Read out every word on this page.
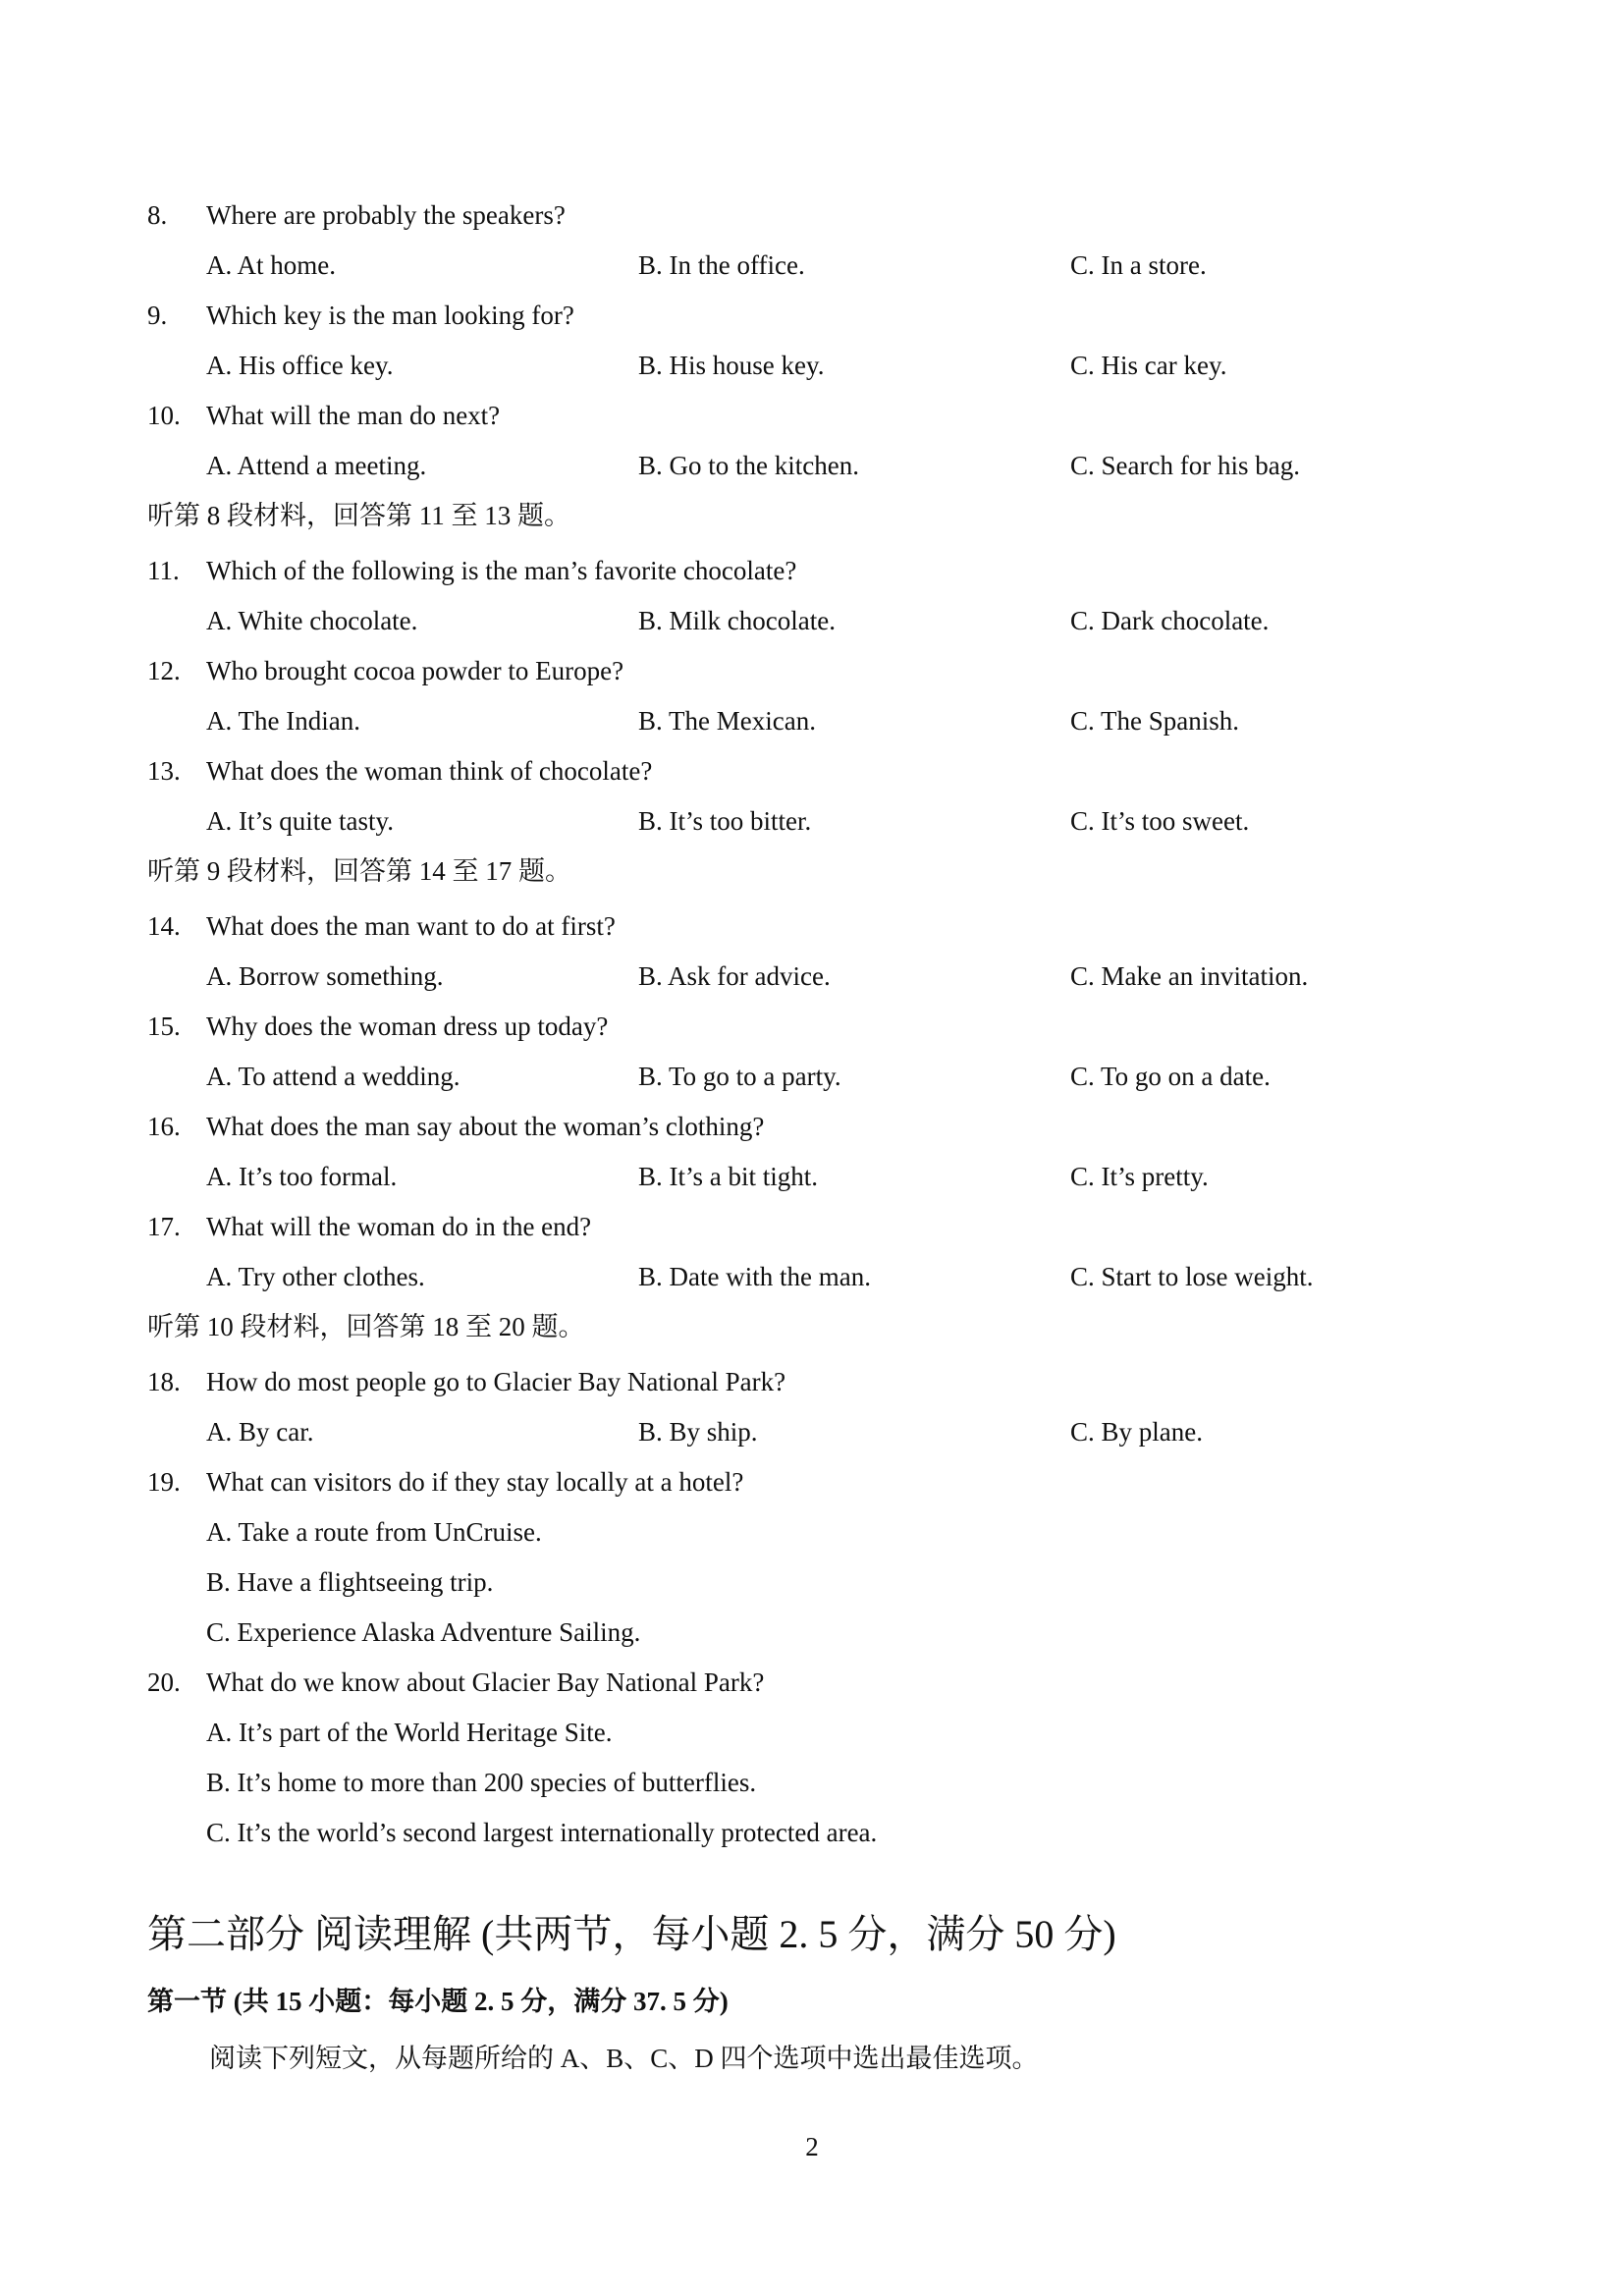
8. Where are probably the speakers?
A. At home.	B. In the office.	C. In a store.
9. Which key is the man looking for?
A. His office key.	B. His house key.	C. His car key.
10. What will the man do next?
A. Attend a meeting.	B. Go to the kitchen.	C. Search for his bag.
听第 8 段材料，回答第 11 至 13 题。
11. Which of the following is the man’s favorite chocolate?
A. White chocolate.	B. Milk chocolate.	C. Dark chocolate.
12. Who brought cocoa powder to Europe?
A. The Indian.	B. The Mexican.	C. The Spanish.
13. What does the woman think of chocolate?
A. It’s quite tasty.	B. It’s too bitter.	C. It’s too sweet.
听第 9 段材料，回答第 14 至 17 题。
14. What does the man want to do at first?
A. Borrow something.	B. Ask for advice.	C. Make an invitation.
15. Why does the woman dress up today?
A. To attend a wedding.	B. To go to a party.	C. To go on a date.
16. What does the man say about the woman’s clothing?
A. It’s too formal.	B. It’s a bit tight.	C. It’s pretty.
17. What will the woman do in the end?
A. Try other clothes.	B. Date with the man.	C. Start to lose weight.
听第 10 段材料，回答第 18 至 20 题。
18. How do most people go to Glacier Bay National Park?
A. By car.	B. By ship.	C. By plane.
19. What can visitors do if they stay locally at a hotel?
A. Take a route from UnCruise.
B. Have a flightseeing trip.
C. Experience Alaska Adventure Sailing.
20. What do we know about Glacier Bay National Park?
A. It’s part of the World Heritage Site.
B. It’s home to more than 200 species of butterflies.
C. It’s the world’s second largest internationally protected area.
第二部分 阅读理解 (共两节，每小题 2. 5 分，满分 50 分)
第一节 (共 15 小题：每小题 2. 5 分，满分 37. 5 分)
阅读下列短文，从每题所给的 A、B、C、D 四个选项中选出最佳选项。
2
